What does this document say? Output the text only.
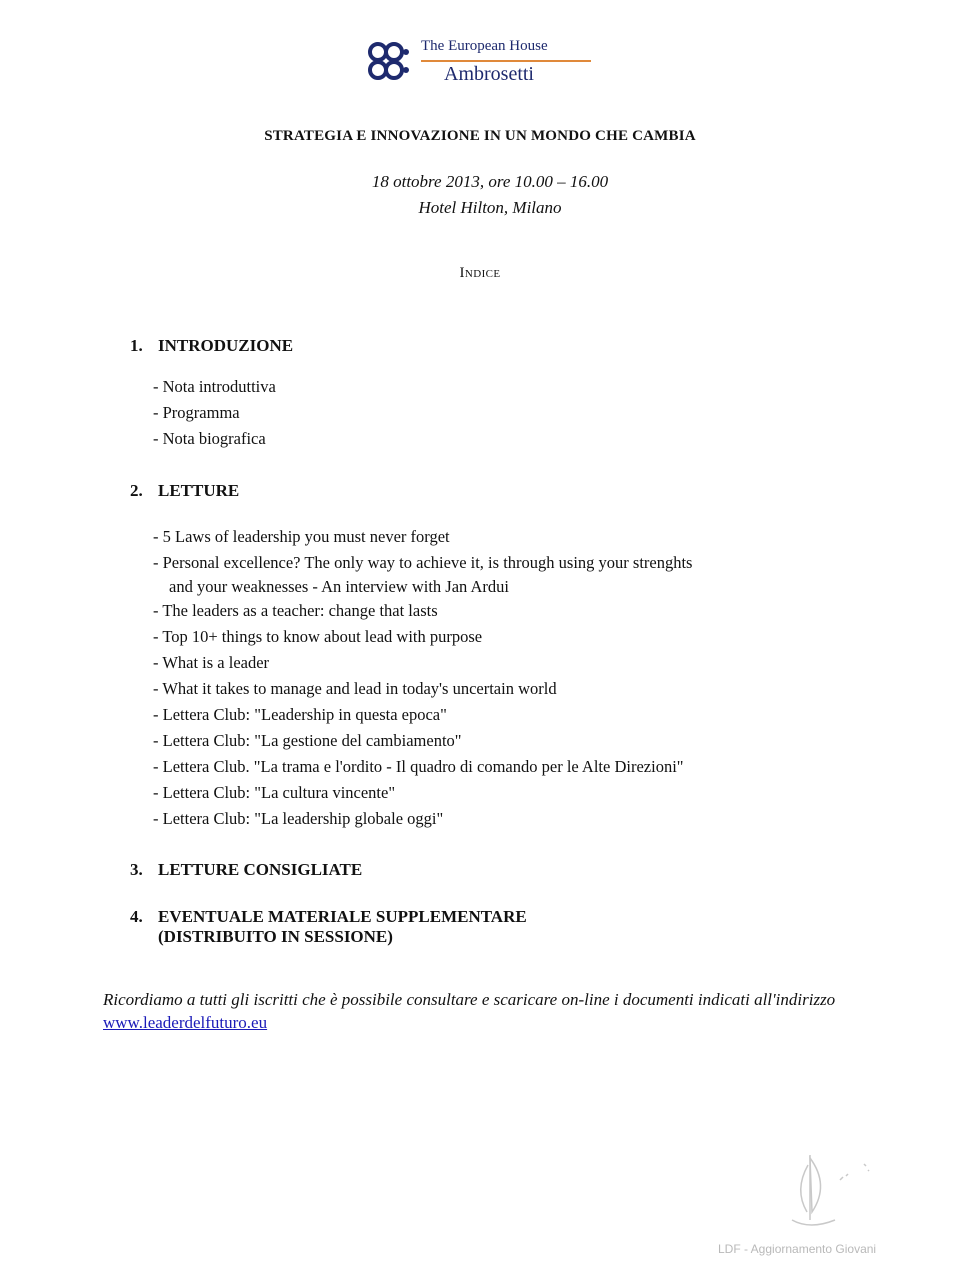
The European House
Ambrosetti
STRATEGIA E INNOVAZIONE IN UN MONDO CHE CAMBIA
18 ottobre 2013, ore 10.00 – 16.00
Hotel Hilton, Milano
Indice
1. INTRODUZIONE
- Nota introduttiva
- Programma
- Nota biografica
2. LETTURE
- 5 Laws of leadership you must never forget
- Personal excellence? The only way to achieve it, is through using your strenghts
and your weaknesses - An interview with Jan Ardui
- The leaders as a teacher: change that lasts
- Top 10+ things to know about lead with purpose
- What is a leader
- What it takes to manage and lead in today's uncertain world
- Lettera Club: "Leadership in questa epoca"
- Lettera Club: "La gestione del cambiamento"
- Lettera Club. "La trama e l'ordito - Il quadro di comando per le Alte Direzioni"
- Lettera Club: "La cultura vincente"
- Lettera Club: "La leadership globale oggi"
3. LETTURE CONSIGLIATE
4. EVENTUALE MATERIALE SUPPLEMENTARE
(DISTRIBUITO IN SESSIONE)
Ricordiamo a tutti gli iscritti che è possibile consultare e scaricare on-line i documenti indicati all'indirizzo www.leaderdelfuturo.eu
LDF - Aggiornamento Giovani
